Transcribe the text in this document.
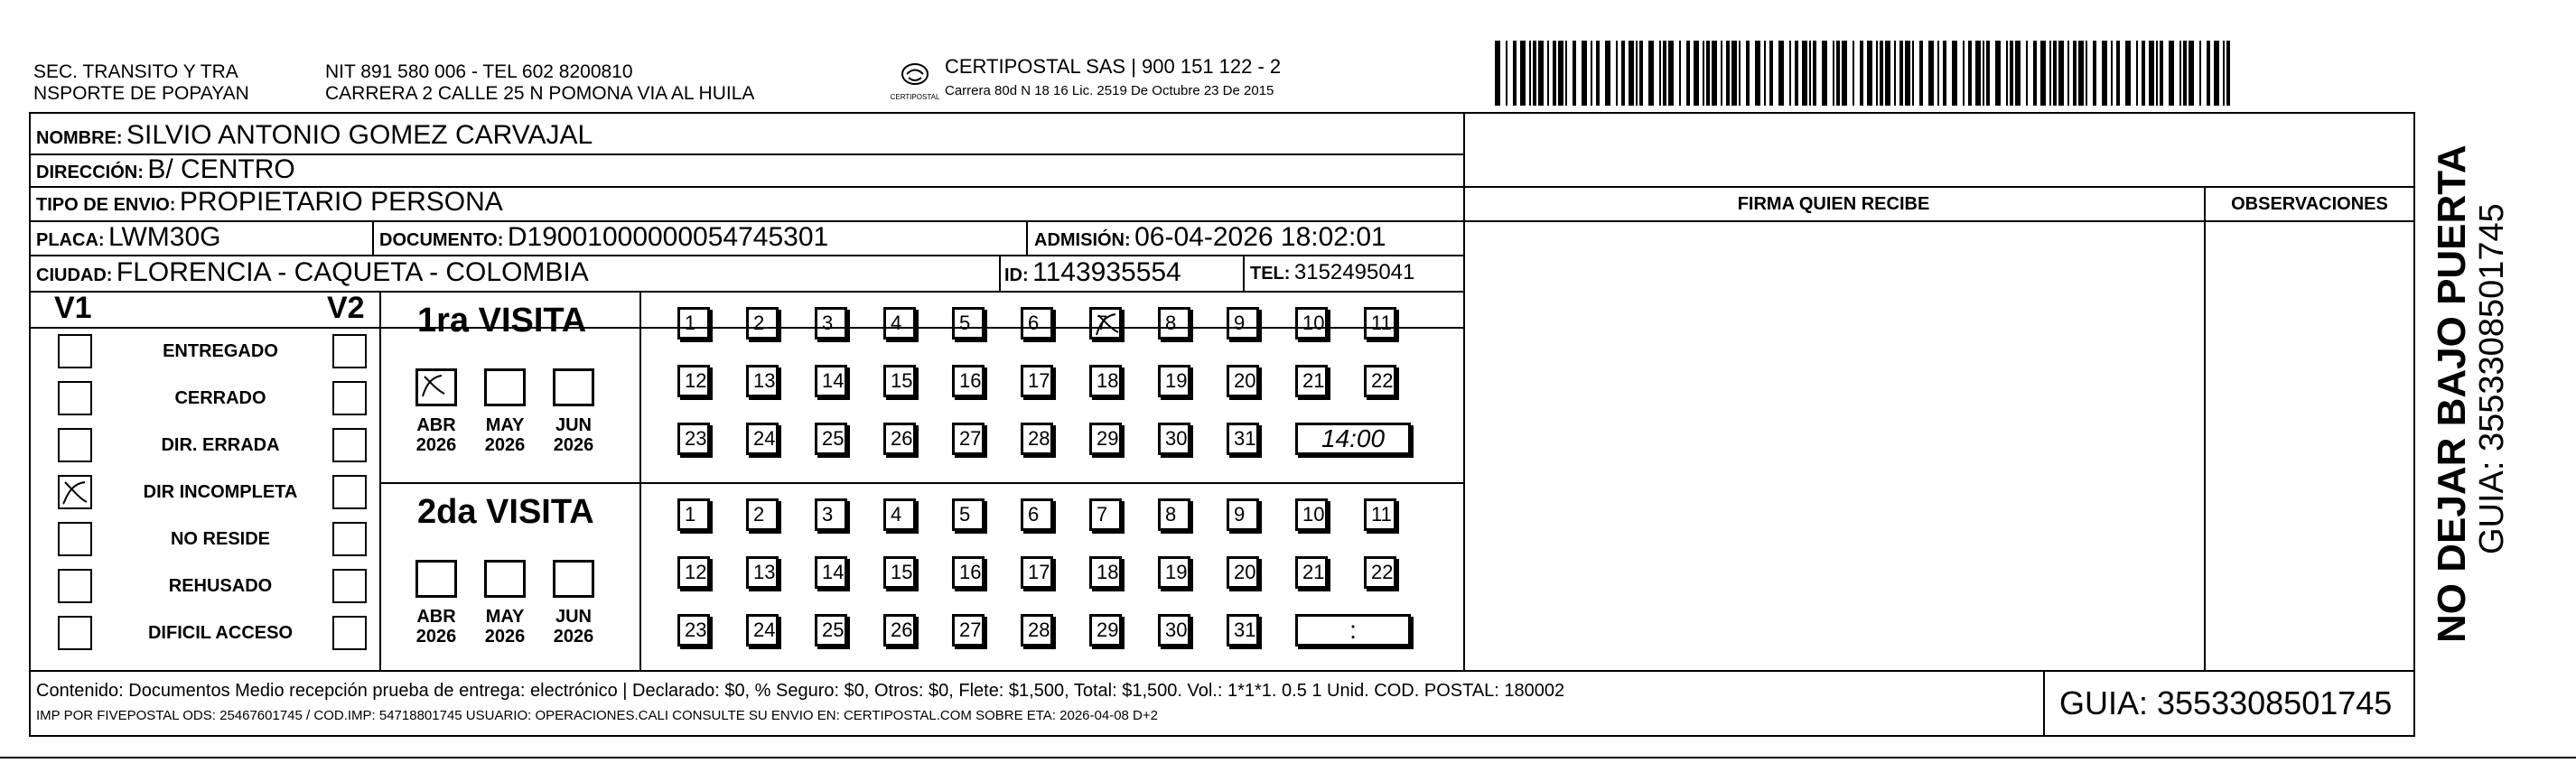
SEC. TRANSITO Y TRA
NSPORTE DE POPAYAN
NIT 891 580 006 - TEL 602 8200810
CARRERA 2 CALLE 25 N POMONA VIA AL HUILA	CERTIPOSTAL
CERTIPOSTAL SAS | 900 151 122 - 2
Carrera 80d N 18 16 Lic. 2519 De Octubre 23 De 2015
NOMBRE: SILVIO ANTONIO GOMEZ CARVAJAL
DIRECCIÓN: B/ CENTRO
TIPO DE ENVIO: PROPIETARIO PERSONA
PLACA: LWM30G	DOCUMENTO: D19001000000054745301	ADMISIÓN: 06-04-2026 18:02:01
CIUDAD: FLORENCIA - CAQUETA - COLOMBIA	ID: 1143935554	TEL: 3152495041
FIRMA QUIEN RECIBE	OBSERVACIONES
V1	V2
ENTREGADO
CERRADO
DIR. ERRADA
DIR INCOMPLETA
NO RESIDE
REHUSADO
DIFICIL ACCESO
1ra VISITA
2da VISITA
ABR
2026
MAY
2026
JUN
2026
1	2	3	4	5	6	7	8	9	10	11
12	13	14	15	16	17	18	19	20	21	22
23	24	25	26	27	28	29	30	31	14:00
ABR
2026
MAY
2026
JUN
2026
1	2	3	4	5	6	7	8	9	10	11
12	13	14	15	16	17	18	19	20	21	22
23	24	25	26	27	28	29	30	31	:
Contenido: Documentos Medio recepción prueba de entrega: electrónico | Declarado: $0, % Seguro: $0, Otros: $0, Flete: $1,500, Total: $1,500. Vol.: 1*1*1. 0.5 1 Unid. COD. POSTAL: 180002
IMP POR FIVEPOSTAL ODS: 25467601745 / COD.IMP: 54718801745 USUARIO: OPERACIONES.CALI CONSULTE SU ENVIO EN: CERTIPOSTAL.COM SOBRE ETA: 2026-04-08 D+2	GUIA: 3553308501745
NO DEJAR BAJO PUERTA GUIA: 3553308501745
